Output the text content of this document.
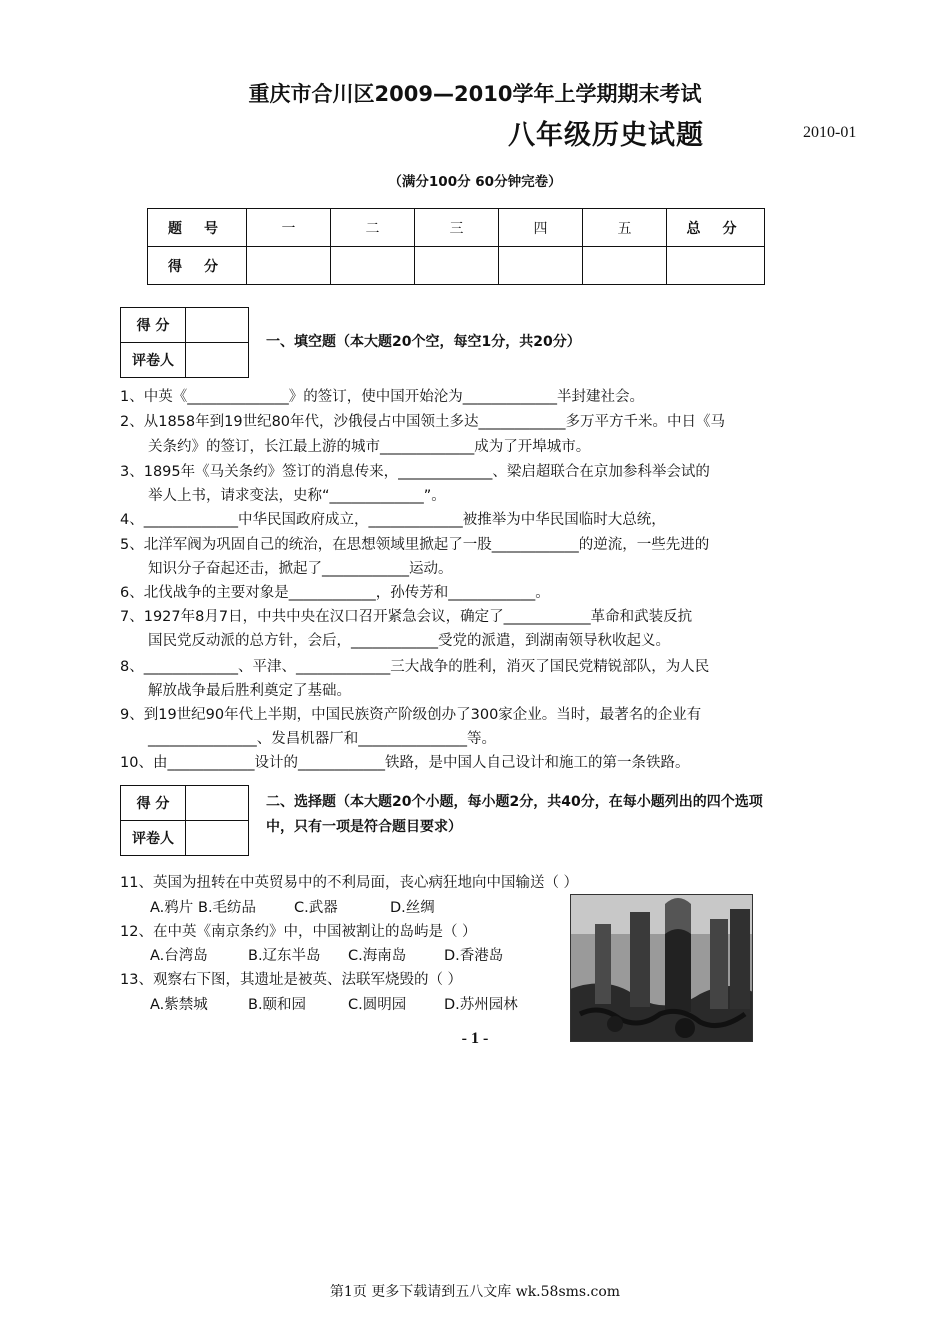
重庆市合川区2009—2010学年上学期期末考试
八年级历史试题	2010-01
（满分100分 60分钟完卷）
题号	一	二	三	四	五	总分
得分						
得 分	
评卷人	
一、填空题（本大题20个空，每空1分，共20分）
1、中英《______________》的签订，使中国开始沦为_____________半封建社会。
2、从1858年到19世纪80年代，沙俄侵占中国领土多达____________多万平方千米。中日《马
关条约》的签订，长江最上游的城市_____________成为了开埠城市。
3、1895年《马关条约》签订的消息传来，_____________、梁启超联合在京加参科举会试的
举人上书，请求变法，史称“_____________”。
4、_____________中华民国政府成立，_____________被推举为中华民国临时大总统，
5、北洋军阀为巩固自己的统治，在思想领域里掀起了一股____________的逆流，一些先进的
知识分子奋起还击，掀起了____________运动。
6、北伐战争的主要对象是____________，孙传芳和____________。
7、1927年8月7日，中共中央在汉口召开紧急会议，确定了____________革命和武装反抗
国民党反动派的总方针，会后，____________受党的派遣，到湖南领导秋收起义。
8、_____________、平津、_____________三大战争的胜利，消灭了国民党精锐部队，为人民
解放战争最后胜利奠定了基础。
9、到19世纪90年代上半期，中国民族资产阶级创办了300家企业。当时，最著名的企业有
_______________、发昌机器厂和_______________等。
10、由____________设计的____________铁路，是中国人自己设计和施工的第一条铁路。
得 分	
评卷人	
二、选择题（本大题20个小题，每小题2分，共40分，在每小题列出的四个选项中，只有一项是符合题目要求）
11、英国为扭转在中英贸易中的不利局面，丧心病狂地向中国输送（ ）
A.鸦片 B.毛纺品	C.武器	D.丝绸
12、在中英《南京条约》中，中国被割让的岛屿是（ ）
A.台湾岛	B.辽东半岛 C.海南岛	D.香港岛
13、观察右下图，其遗址是被英、法联军烧毁的（ ）
A.紫禁城	B.颐和园	C.圆明园	D.苏州园林
- 1 -
第1页 更多下载请到五八文库 wk.58sms.com
